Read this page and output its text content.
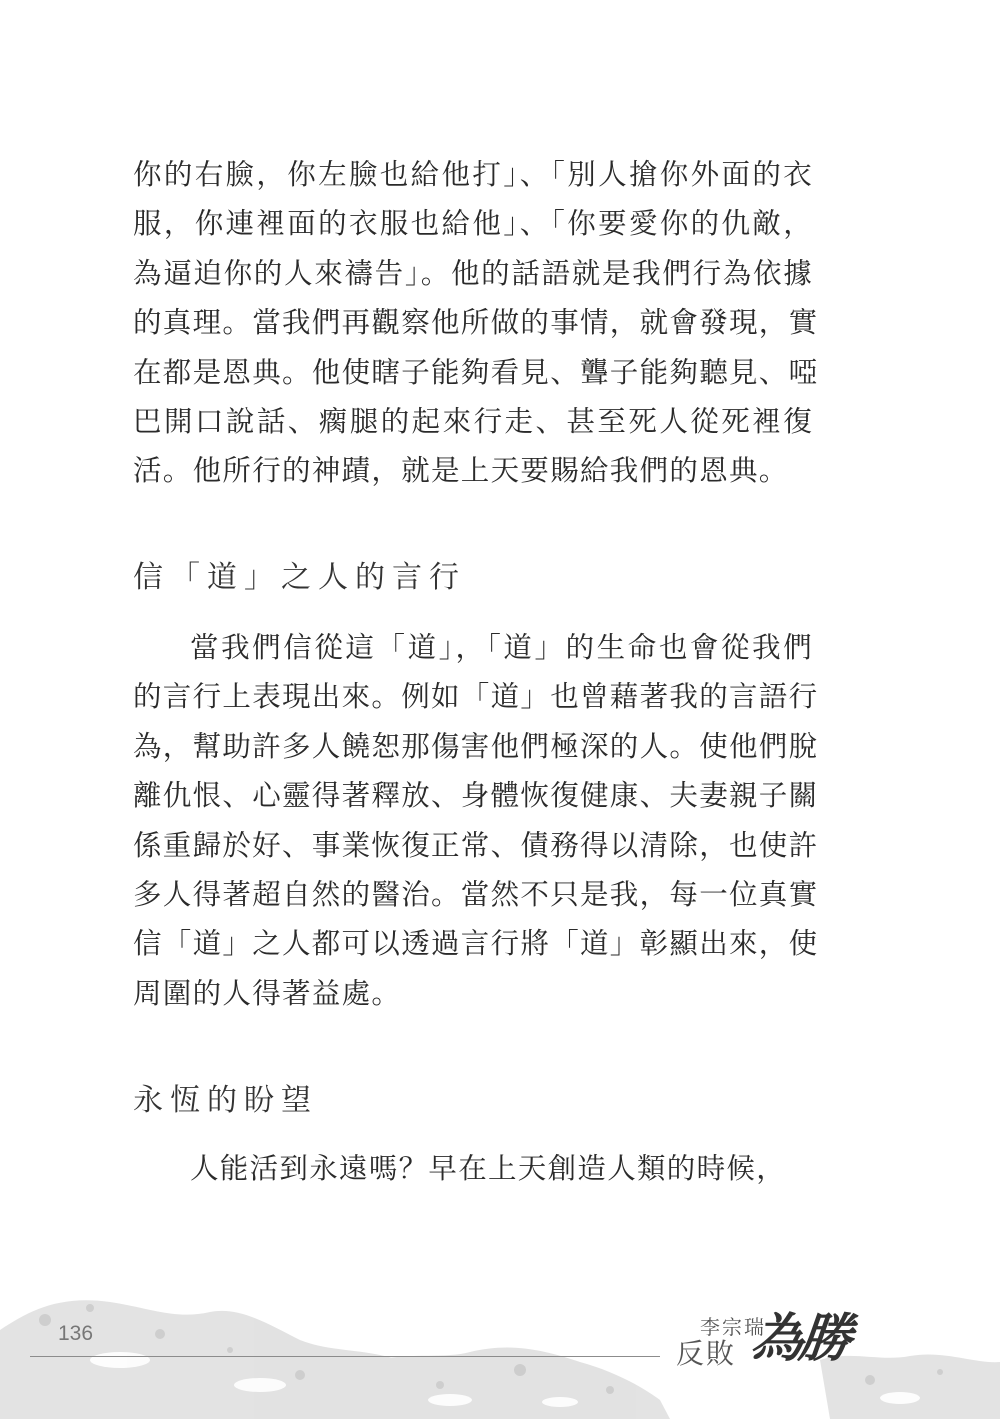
你的右臉，你左臉也給他打」、「別人搶你外面的衣
服，你連裡面的衣服也給他」、「你要愛你的仇敵，
為逼迫你的人來禱告」。他的話語就是我們行為依據
的真理。當我們再觀察他所做的事情，就會發現，實
在都是恩典。他使瞎子能夠看見、聾子能夠聽見、啞
巴開口說話、瘸腿的起來行走、甚至死人從死裡復
活。他所行的神蹟，就是上天要賜給我們的恩典。
信「道」之人的言行
當我們信從這「道」，「道」的生命也會從我們
的言行上表現出來。例如「道」也曾藉著我的言語行
為，幫助許多人饒恕那傷害他們極深的人。使他們脫
離仇恨、心靈得著釋放、身體恢復健康、夫妻親子關
係重歸於好、事業恢復正常、債務得以清除，也使許
多人得著超自然的醫治。當然不只是我，每一位真實
信「道」之人都可以透過言行將「道」彰顯出來，使
周圍的人得著益處。
永恆的盼望
人能活到永遠嗎？早在上天創造人類的時候，
136	李宗瑞
反敗 為勝
